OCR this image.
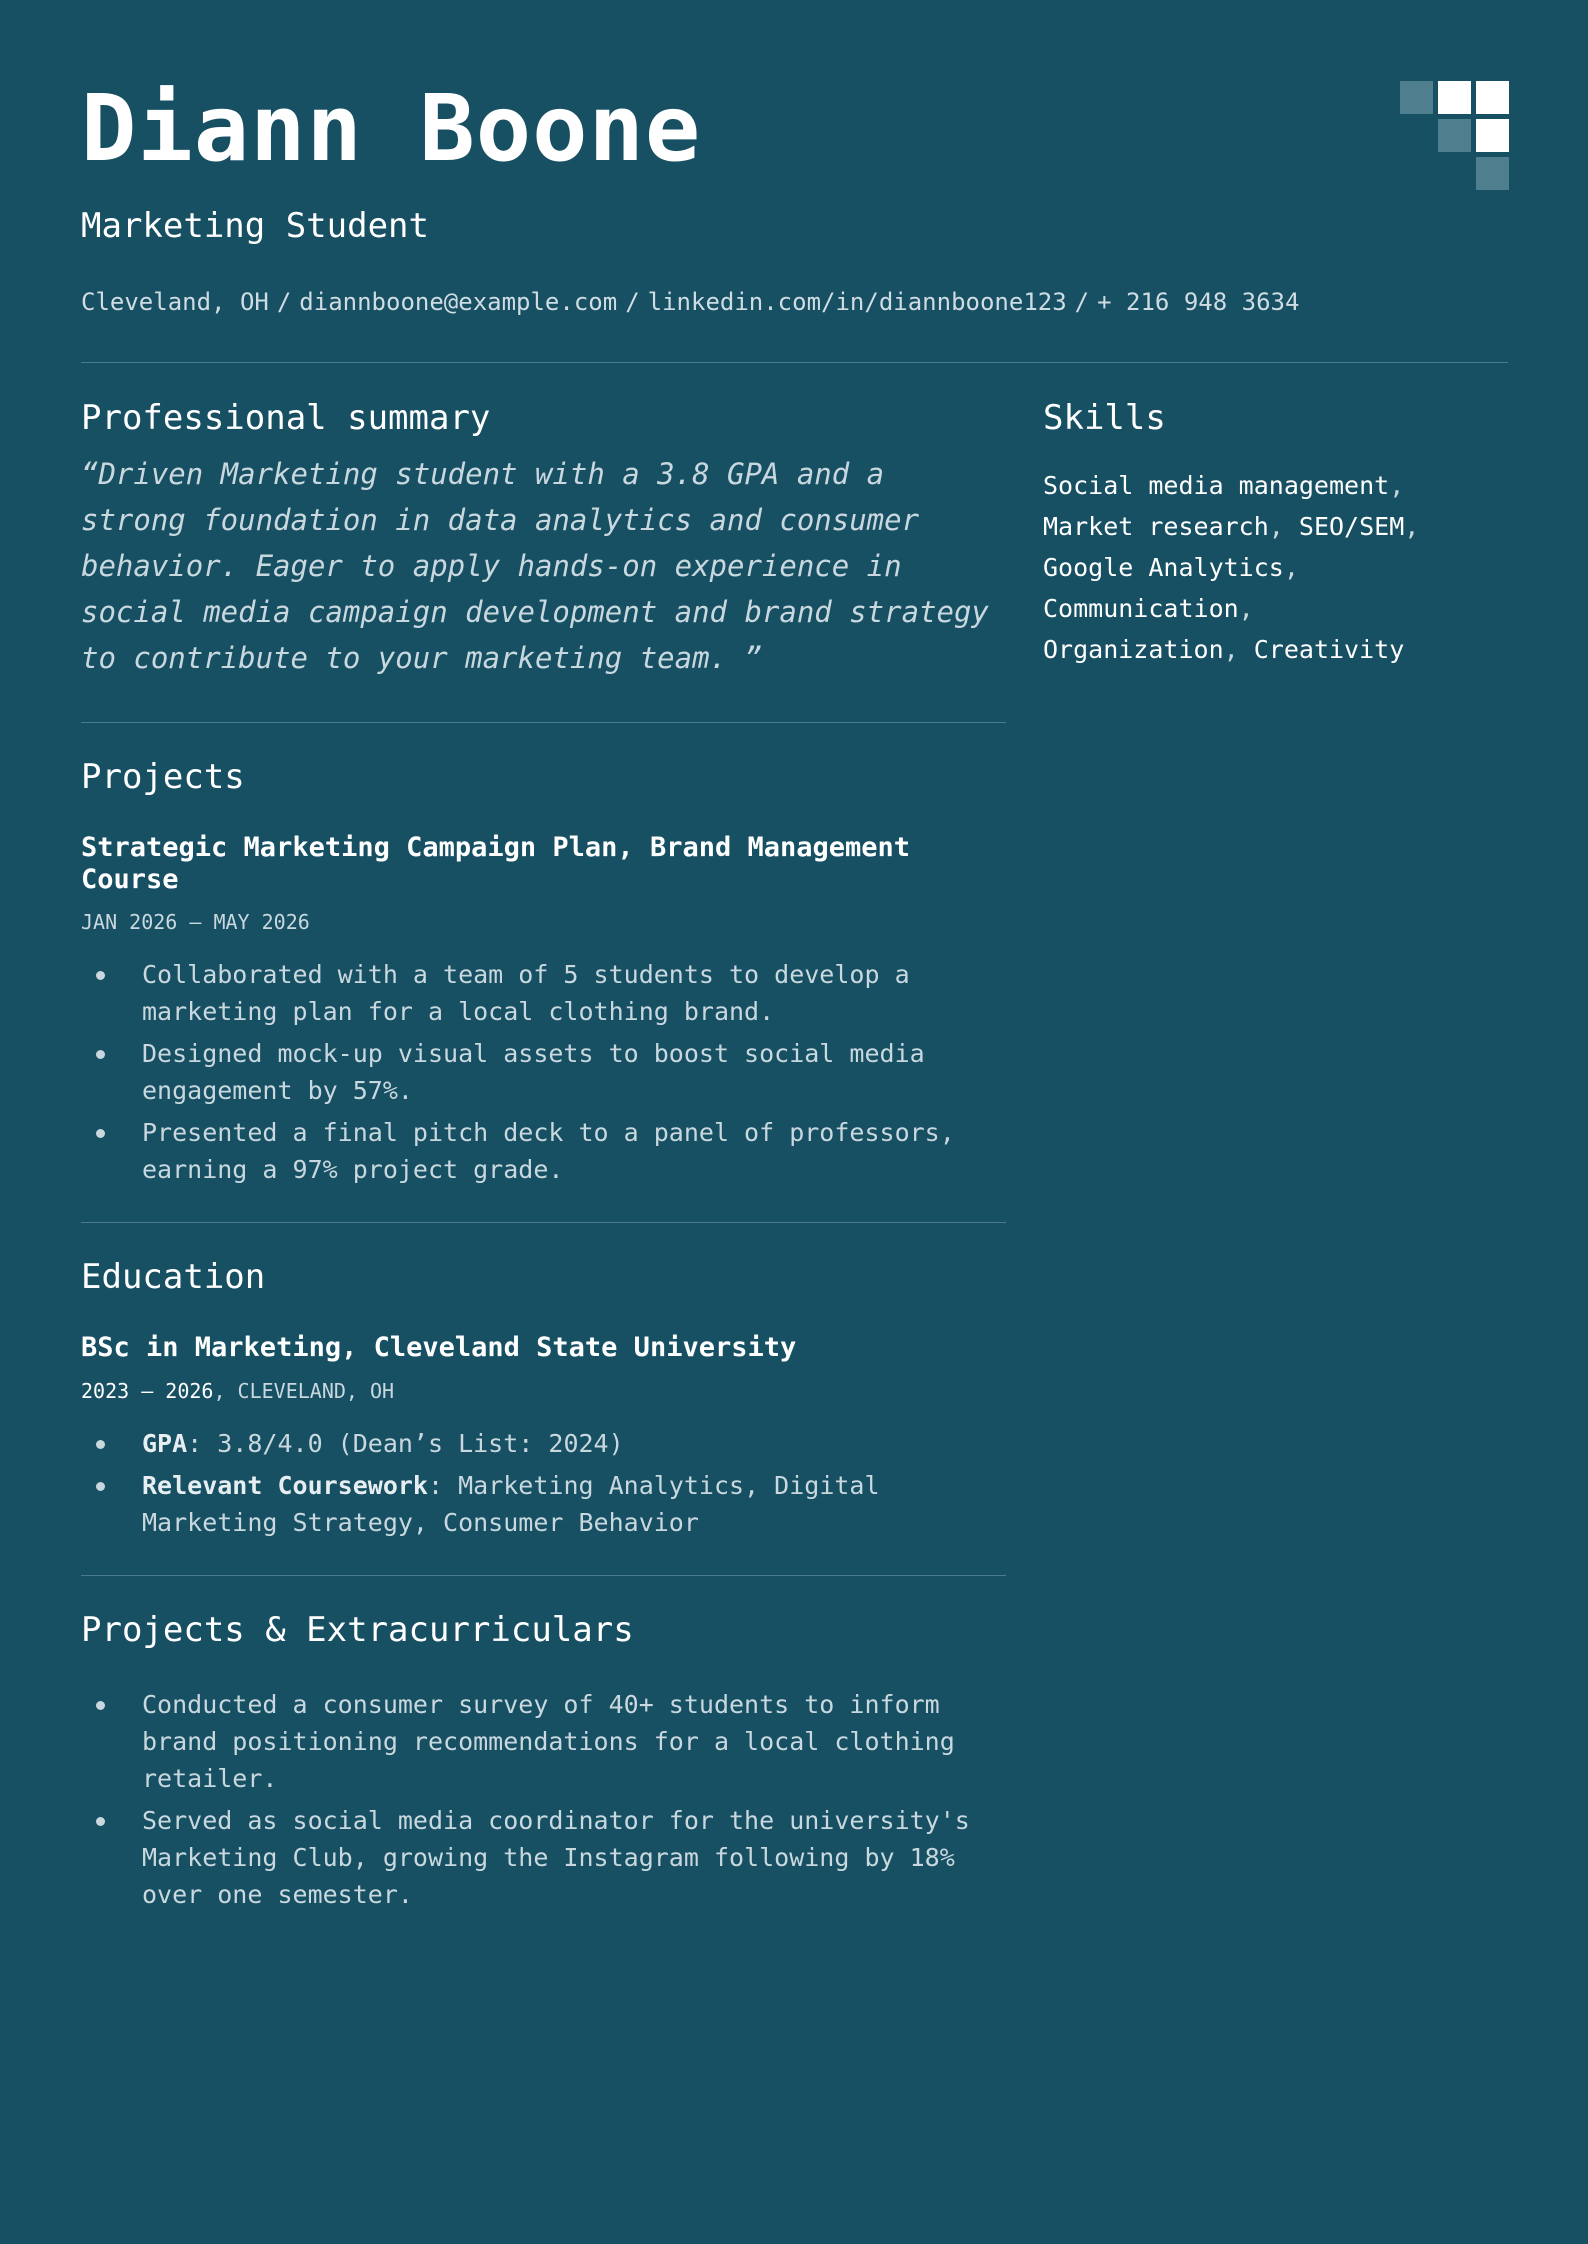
Diann Boone
Marketing Student
Cleveland, OH / diannboone@example.com / linkedin.com/in/diannboone123 / + 216 948 3634
Professional summary
“Driven Marketing student with a 3.8 GPA and a strong foundation in data analytics and consumer behavior. Eager to apply hands-on experience in social media campaign development and brand strategy to contribute to your marketing team. ”
Projects
Strategic Marketing Campaign Plan, Brand Management Course
JAN 2026 – MAY 2026
Collaborated with a team of 5 students to develop a marketing plan for a local clothing brand.
Designed mock-up visual assets to boost social media engagement by 57%.
Presented a final pitch deck to a panel of professors, earning a 97% project grade.
Education
BSc in Marketing, Cleveland State University
2023 – 2026, CLEVELAND, OH
GPA: 3.8/4.0 (Dean’s List: 2024)
Relevant Coursework: Marketing Analytics, Digital Marketing Strategy, Consumer Behavior
Projects & Extracurriculars
Conducted a consumer survey of 40+ students to inform brand positioning recommendations for a local clothing retailer.
Served as social media coordinator for the university's Marketing Club, growing the Instagram following by 18% over one semester.
Skills
Social media management,
Market research, SEO/SEM,
Google Analytics, Communication,
Organization, Creativity
